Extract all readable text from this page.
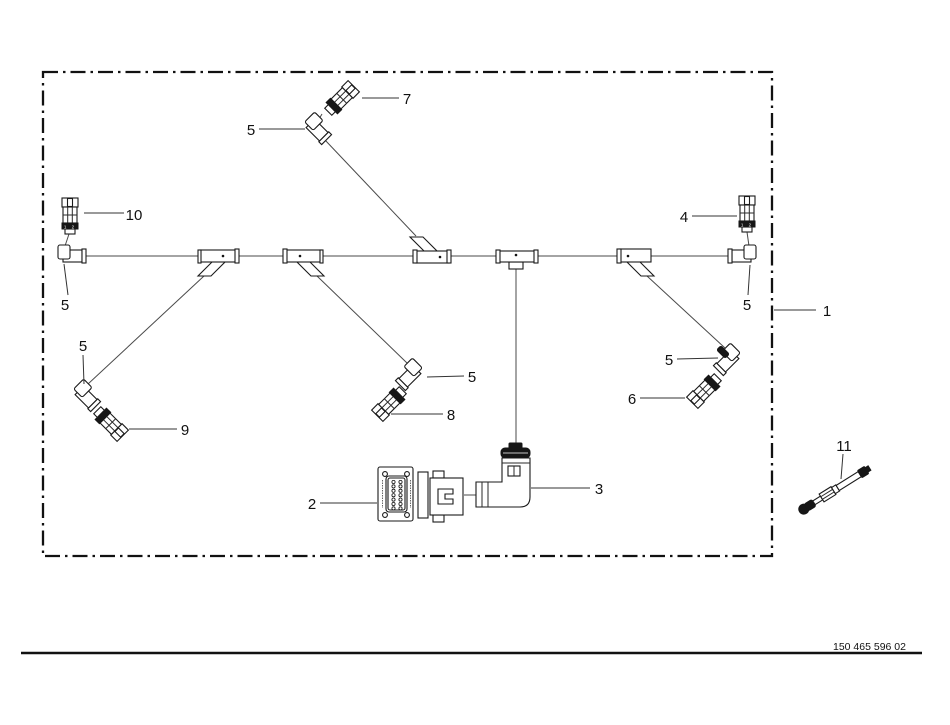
1
2
3
4
5
5	5
5
5
5
6
7
8
9
10
11
1 2	1 2
150 465 596 02
